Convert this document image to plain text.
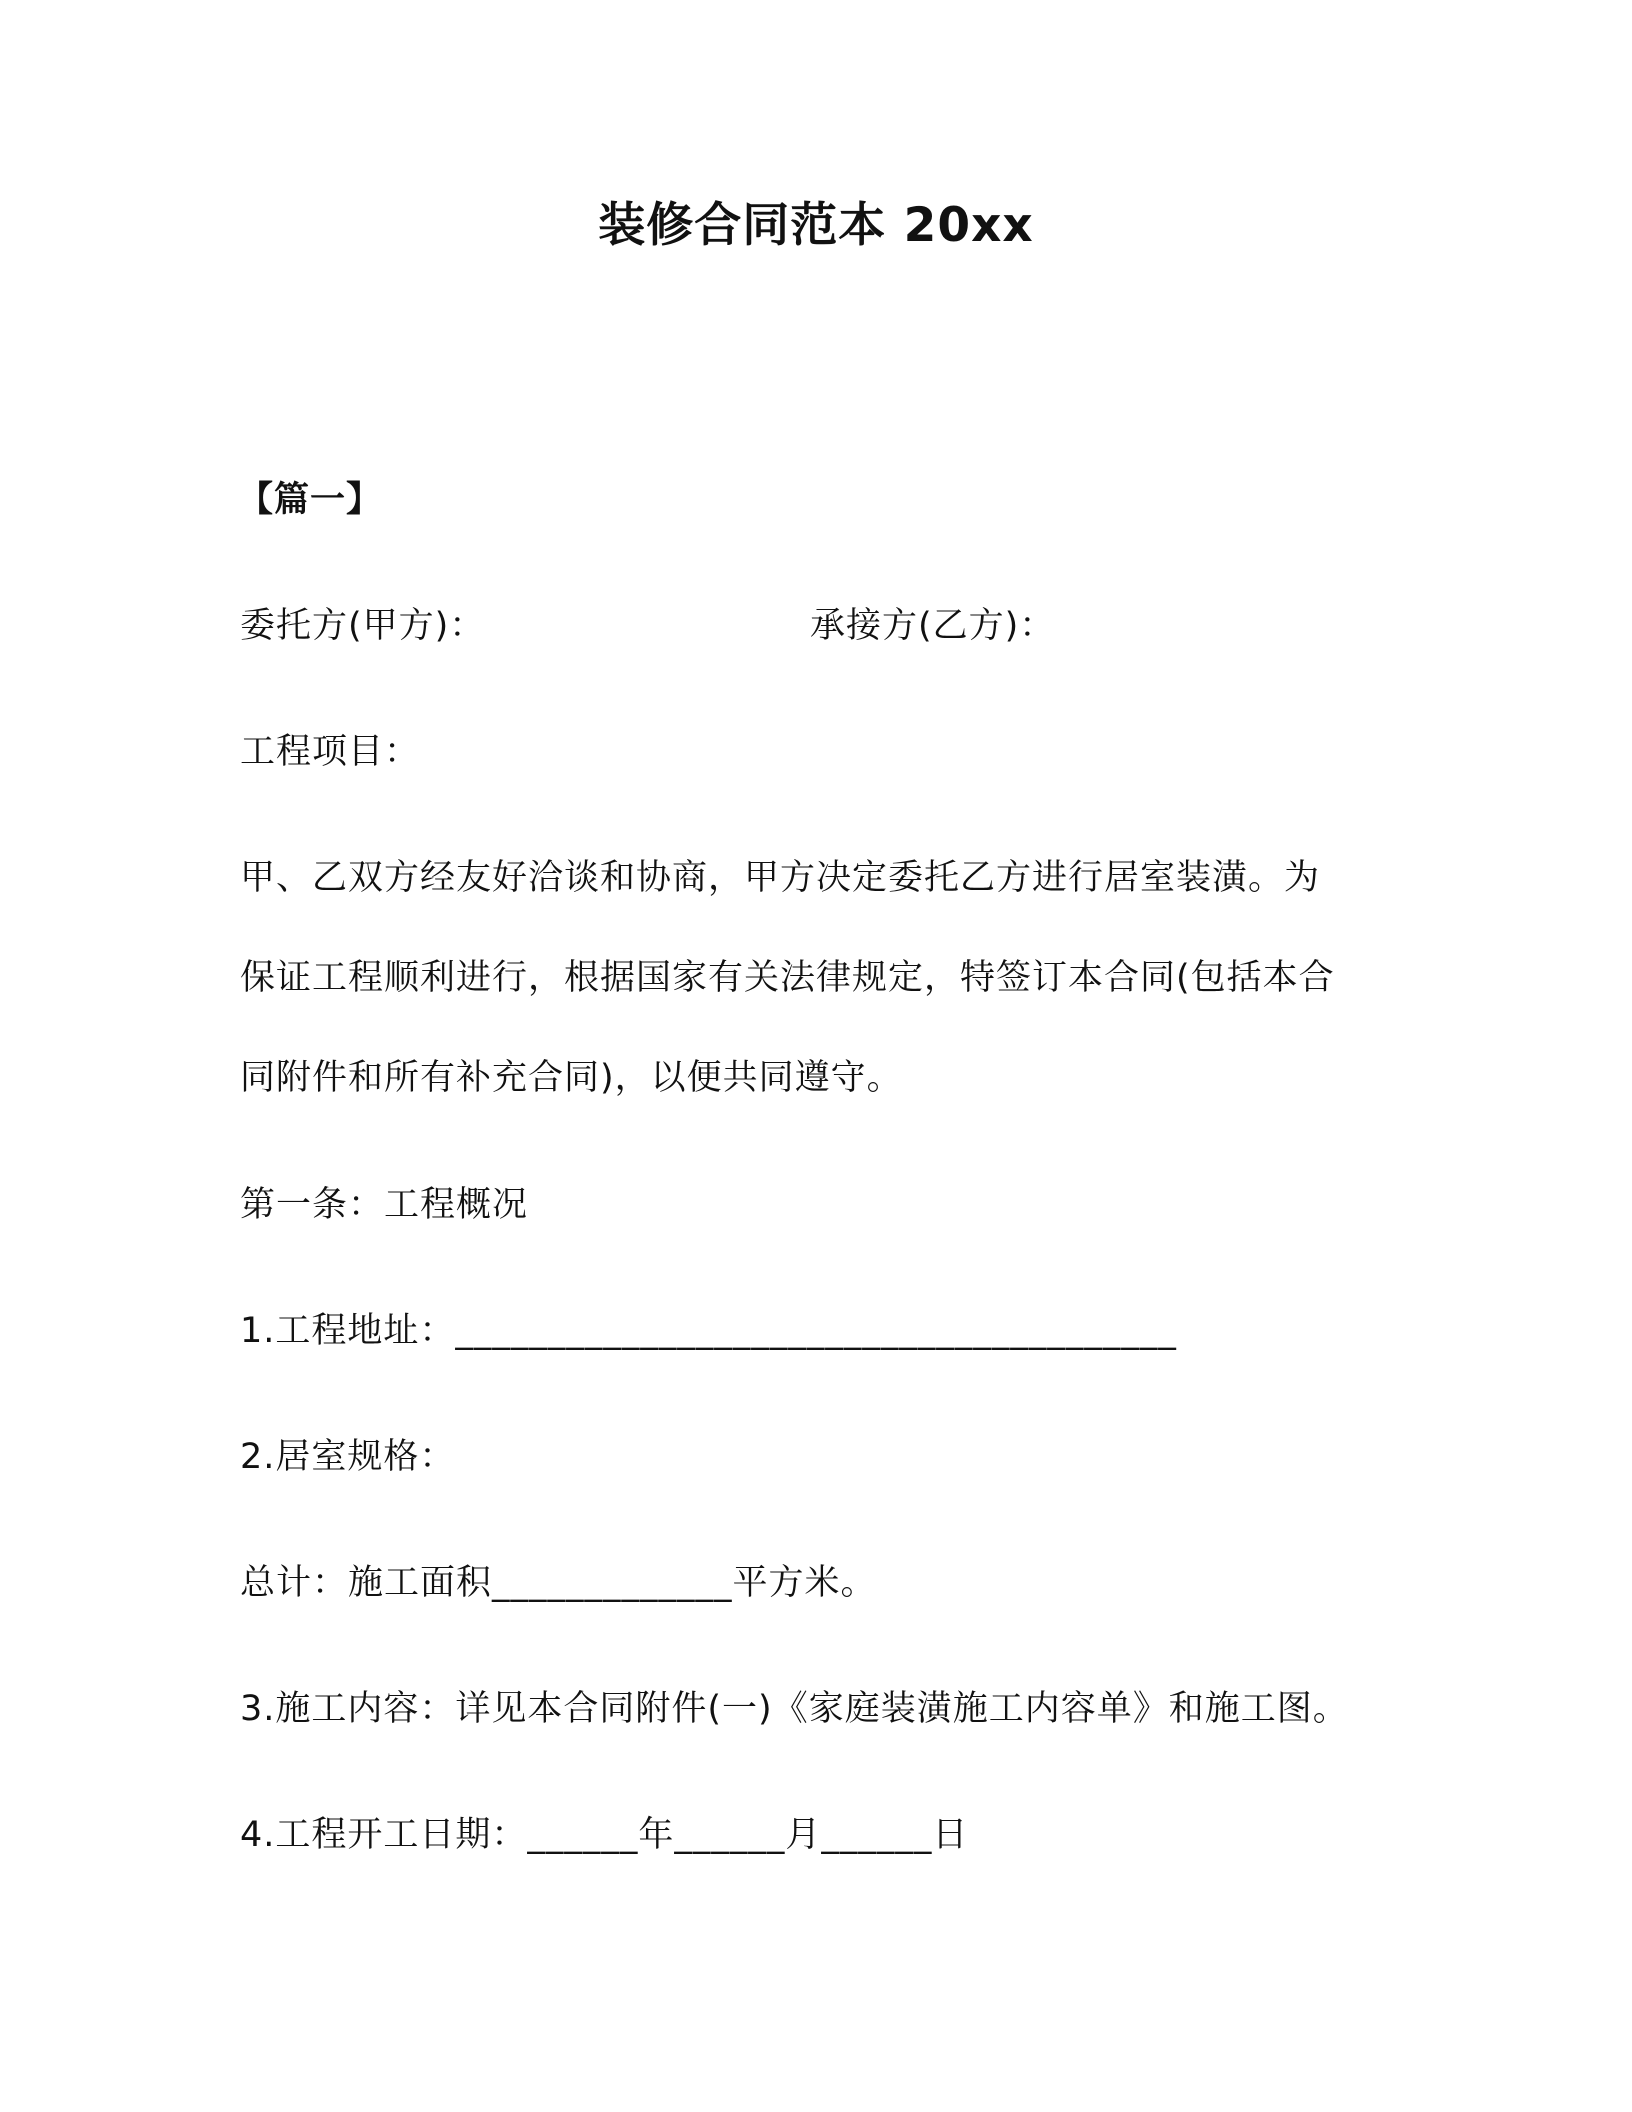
装修合同范本 20xx
【篇一】
委托方(甲方)：	承接方(乙方)：
工程项目：
甲、乙双方经友好洽谈和协商，甲方决定委托乙方进行居室装潢。为
保证工程顺利进行，根据国家有关法律规定，特签订本合同(包括本合
同附件和所有补充合同)，以便共同遵守。
第一条：工程概况
1.工程地址：_______________________________________
2.居室规格：
总计：施工面积_____________平方米。
3.施工内容：详见本合同附件(一)《家庭装潢施工内容单》和施工图。
4.工程开工日期：______年______月______日
